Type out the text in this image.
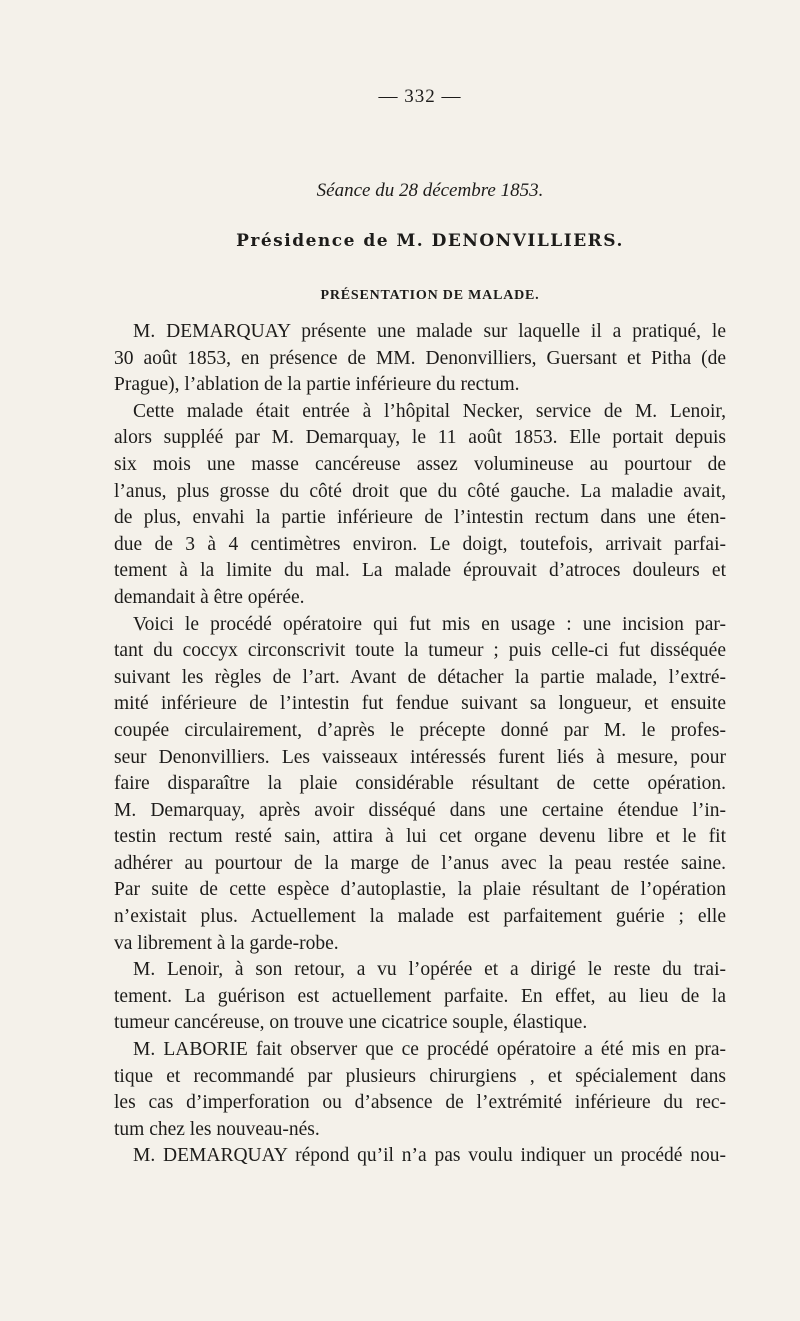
— 332 —
Séance du 28 décembre 1853.
Présidence de M. DENONVILLIERS.
PRÉSENTATION DE MALADE.
M. DEMARQUAY présente une malade sur laquelle il a pratiqué, le
30 août 1853, en présence de MM. Denonvilliers, Guersant et Pitha (de
Prague), l’ablation de la partie inférieure du rectum.
Cette malade était entrée à l’hôpital Necker, service de M. Lenoir,
alors suppléé par M. Demarquay, le 11 août 1853. Elle portait depuis
six mois une masse cancéreuse assez volumineuse au pourtour de
l’anus, plus grosse du côté droit que du côté gauche. La maladie avait,
de plus, envahi la partie inférieure de l’intestin rectum dans une éten-
due de 3 à 4 centimètres environ. Le doigt, toutefois, arrivait parfai-
tement à la limite du mal. La malade éprouvait d’atroces douleurs et
demandait à être opérée.
Voici le procédé opératoire qui fut mis en usage : une incision par-
tant du coccyx circonscrivit toute la tumeur ; puis celle-ci fut disséquée
suivant les règles de l’art. Avant de détacher la partie malade, l’extré-
mité inférieure de l’intestin fut fendue suivant sa longueur, et ensuite
coupée circulairement, d’après le précepte donné par M. le profes-
seur Denonvilliers. Les vaisseaux intéressés furent liés à mesure, pour
faire disparaître la plaie considérable résultant de cette opération.
M. Demarquay, après avoir disséqué dans une certaine étendue l’in-
testin rectum resté sain, attira à lui cet organe devenu libre et le fit
adhérer au pourtour de la marge de l’anus avec la peau restée saine.
Par suite de cette espèce d’autoplastie, la plaie résultant de l’opération
n’existait plus. Actuellement la malade est parfaitement guérie ; elle
va librement à la garde-robe.
M. Lenoir, à son retour, a vu l’opérée et a dirigé le reste du trai-
tement. La guérison est actuellement parfaite. En effet, au lieu de la
tumeur cancéreuse, on trouve une cicatrice souple, élastique.
M. LABORIE fait observer que ce procédé opératoire a été mis en pra-
tique et recommandé par plusieurs chirurgiens , et spécialement dans
les cas d’imperforation ou d’absence de l’extrémité inférieure du rec-
tum chez les nouveau-nés.
M. DEMARQUAY répond qu’il n’a pas voulu indiquer un procédé nou-
